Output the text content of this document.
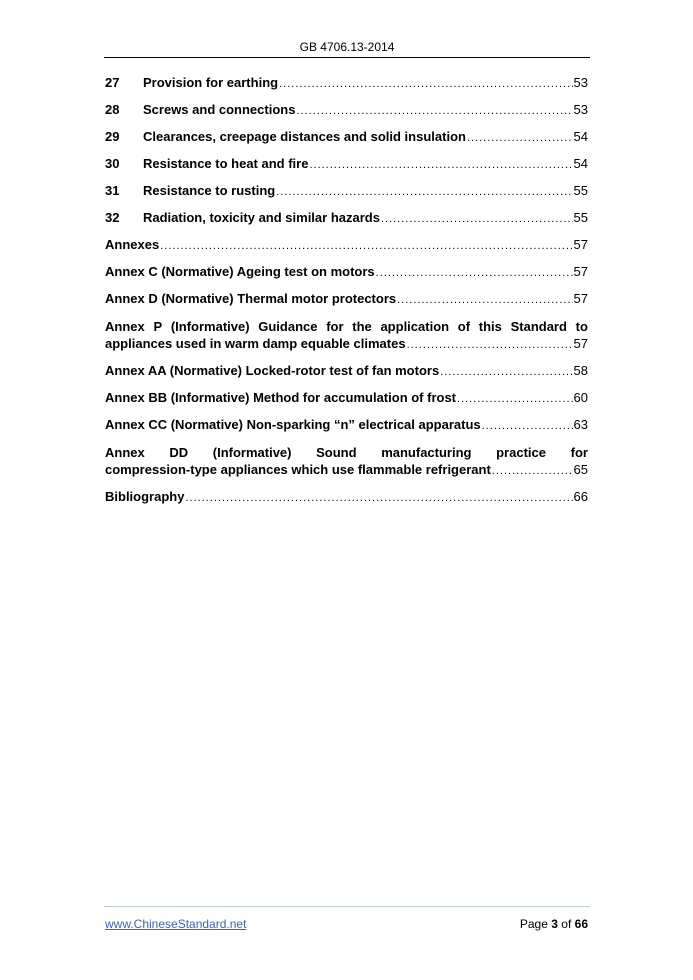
GB 4706.13-2014
27	Provision for earthing .....	53
28	Screws and connections .....	53
29	Clearances, creepage distances and solid insulation .....	54
30	Resistance to heat and fire .....	54
31	Resistance to rusting .....	55
32	Radiation, toxicity and similar hazards .....	55
Annexes .....	57
Annex C (Normative) Ageing test on motors .....	57
Annex D (Normative) Thermal motor protectors .....	57
Annex P (Informative) Guidance for the application of this Standard to
appliances used in warm damp equable climates .....	57
Annex AA (Normative) Locked-rotor test of fan motors .....	58
Annex BB (Informative) Method for accumulation of frost .....	60
Annex CC (Normative) Non-sparking “n” electrical apparatus .....	63
Annex DD (Informative) Sound manufacturing practice for
compression-type appliances which use flammable refrigerant .....	65
Bibliography .....	66
www.ChineseStandard.net	Page 3 of 66
